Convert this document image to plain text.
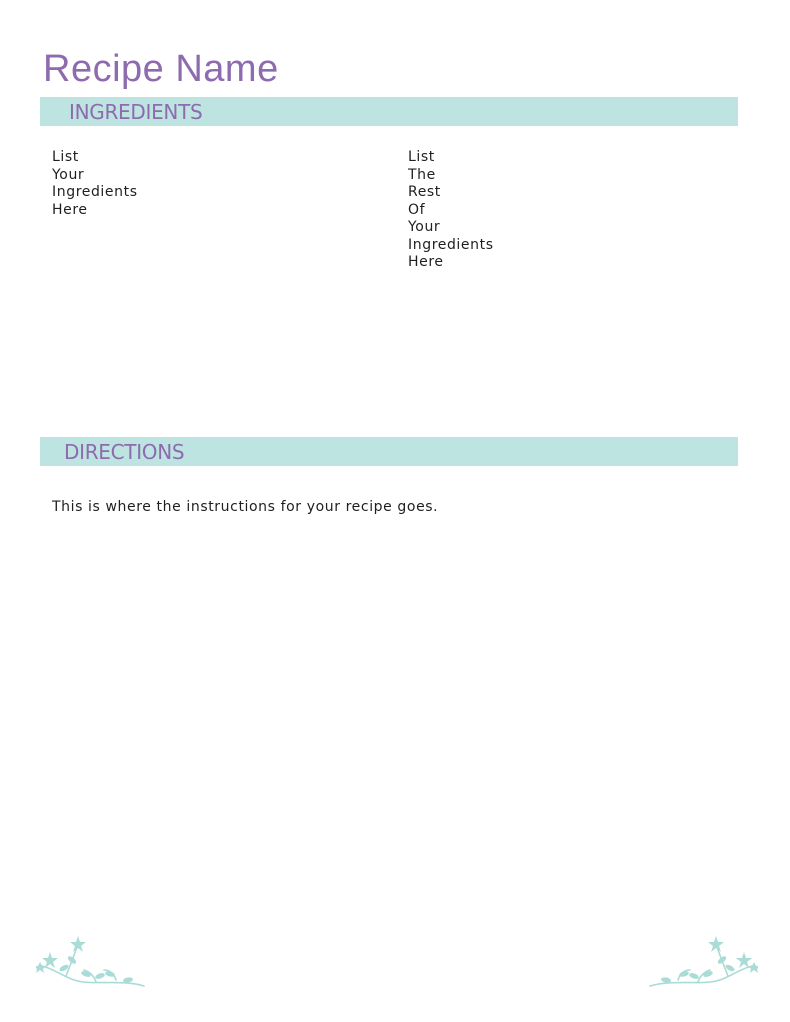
Recipe Name
INGREDIENTS
List
Your
Ingredients
Here
List
The
Rest
Of
Your
Ingredients
Here
DIRECTIONS

This is where the instructions for your recipe goes.
